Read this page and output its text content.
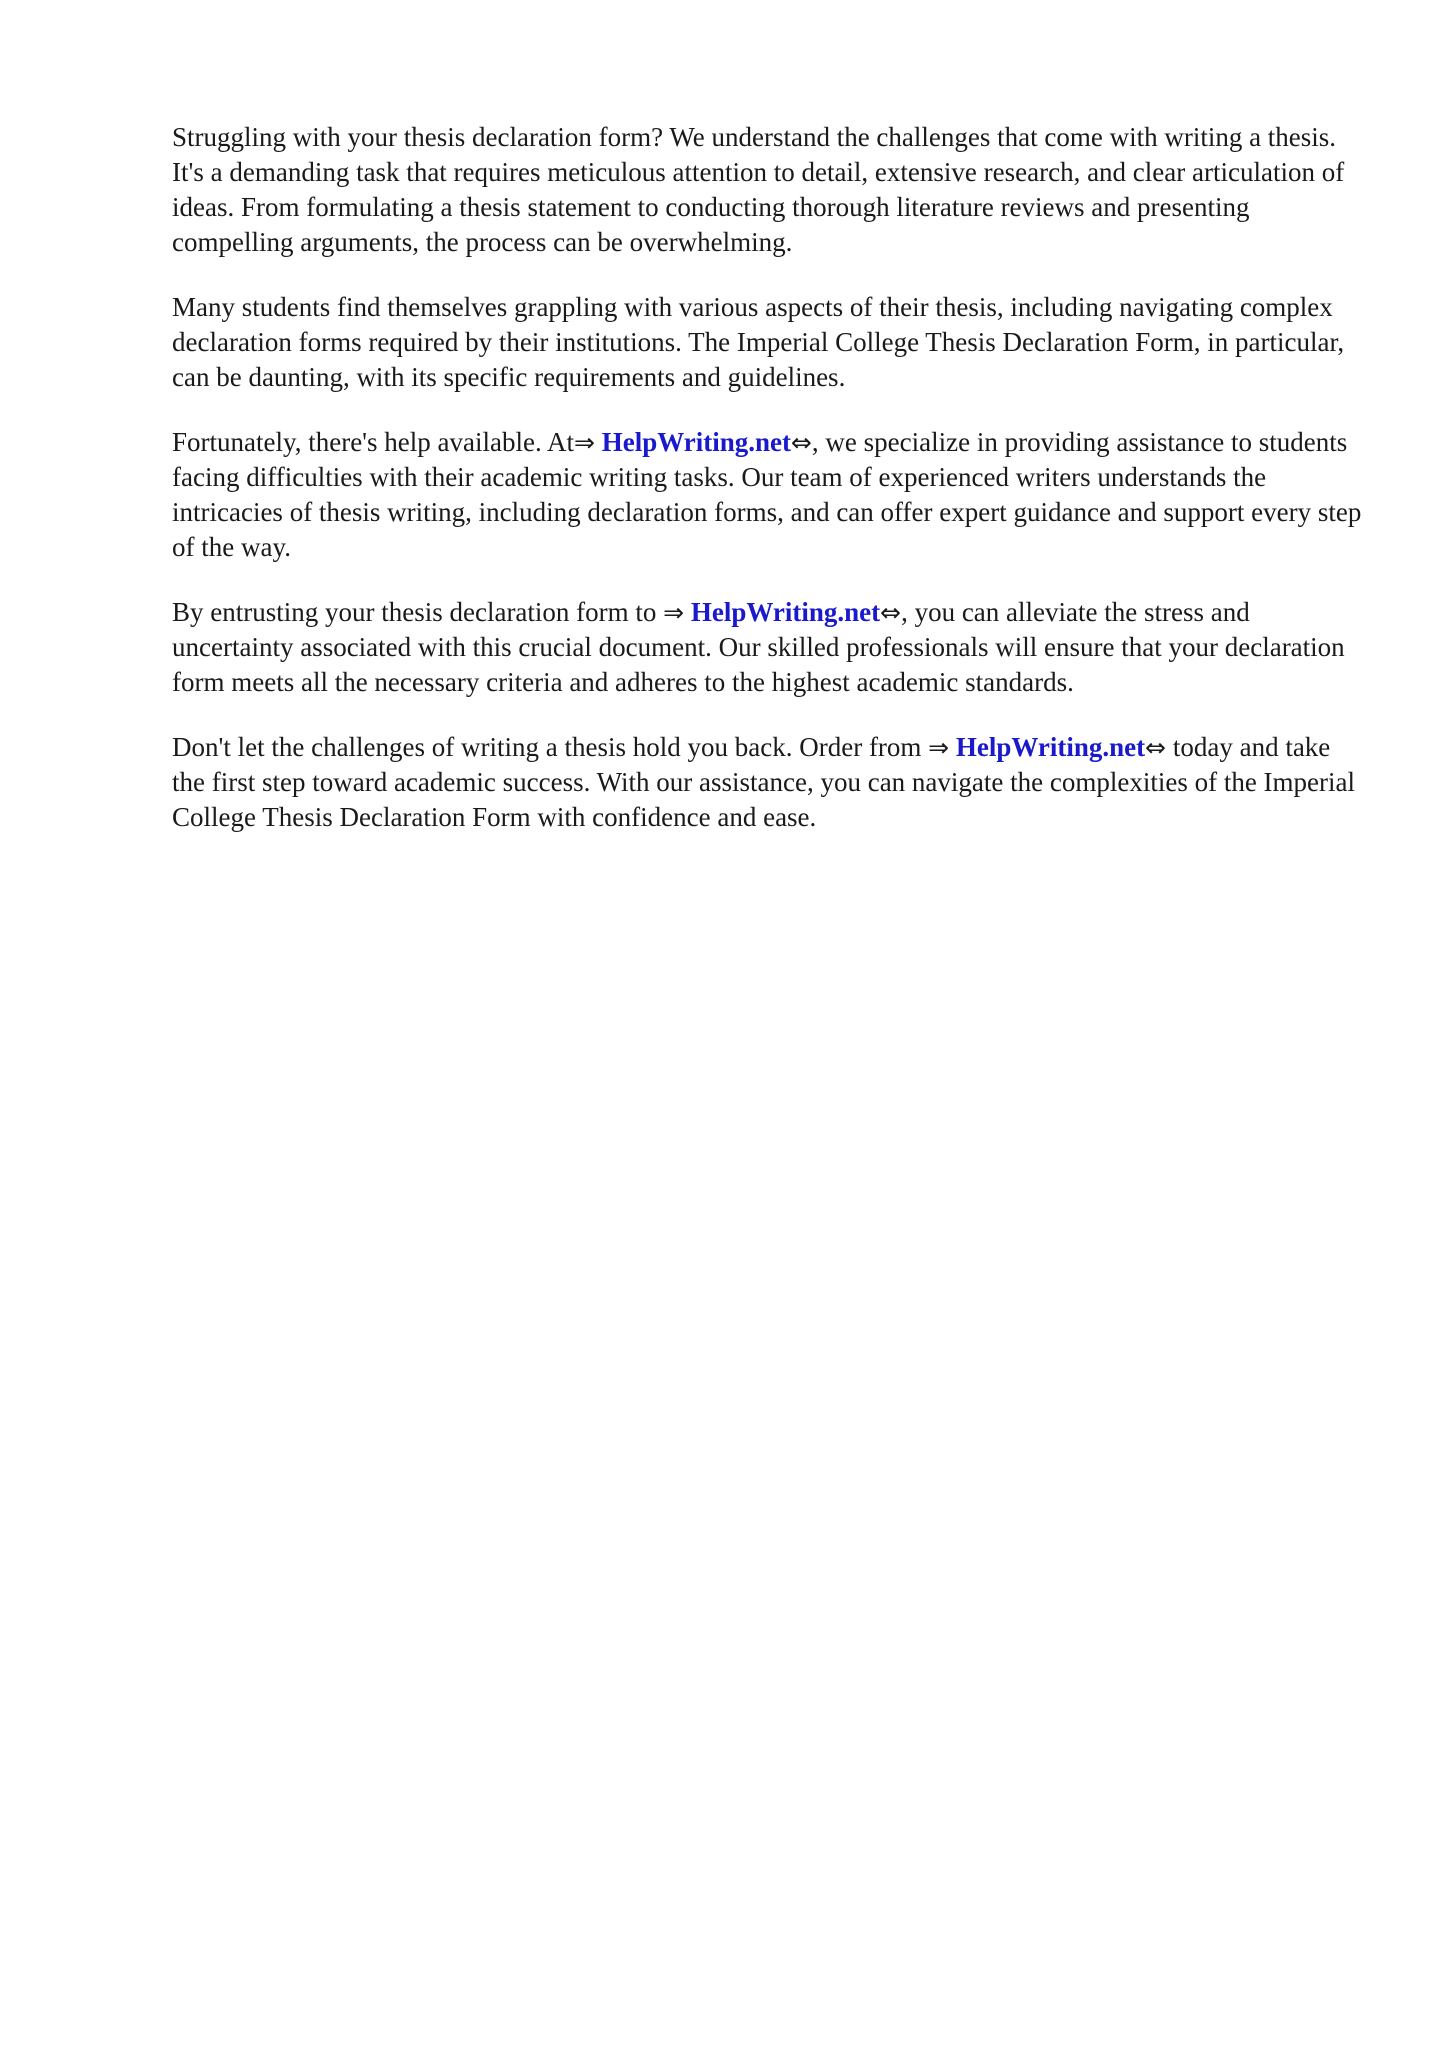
Struggling with your thesis declaration form? We understand the challenges that come with writing a thesis. It's a demanding task that requires meticulous attention to detail, extensive research, and clear articulation of ideas. From formulating a thesis statement to conducting thorough literature reviews and presenting compelling arguments, the process can be overwhelming.

Many students find themselves grappling with various aspects of their thesis, including navigating complex declaration forms required by their institutions. The Imperial College Thesis Declaration Form, in particular, can be daunting, with its specific requirements and guidelines.

Fortunately, there's help available. At⇒ HelpWriting.net⇔, we specialize in providing assistance to students facing difficulties with their academic writing tasks. Our team of experienced writers understands the intricacies of thesis writing, including declaration forms, and can offer expert guidance and support every step of the way.

By entrusting your thesis declaration form to ⇒ HelpWriting.net⇔, you can alleviate the stress and uncertainty associated with this crucial document. Our skilled professionals will ensure that your declaration form meets all the necessary criteria and adheres to the highest academic standards.

Don't let the challenges of writing a thesis hold you back. Order from ⇒ HelpWriting.net⇔ today and take the first step toward academic success. With our assistance, you can navigate the complexities of the Imperial College Thesis Declaration Form with confidence and ease.
